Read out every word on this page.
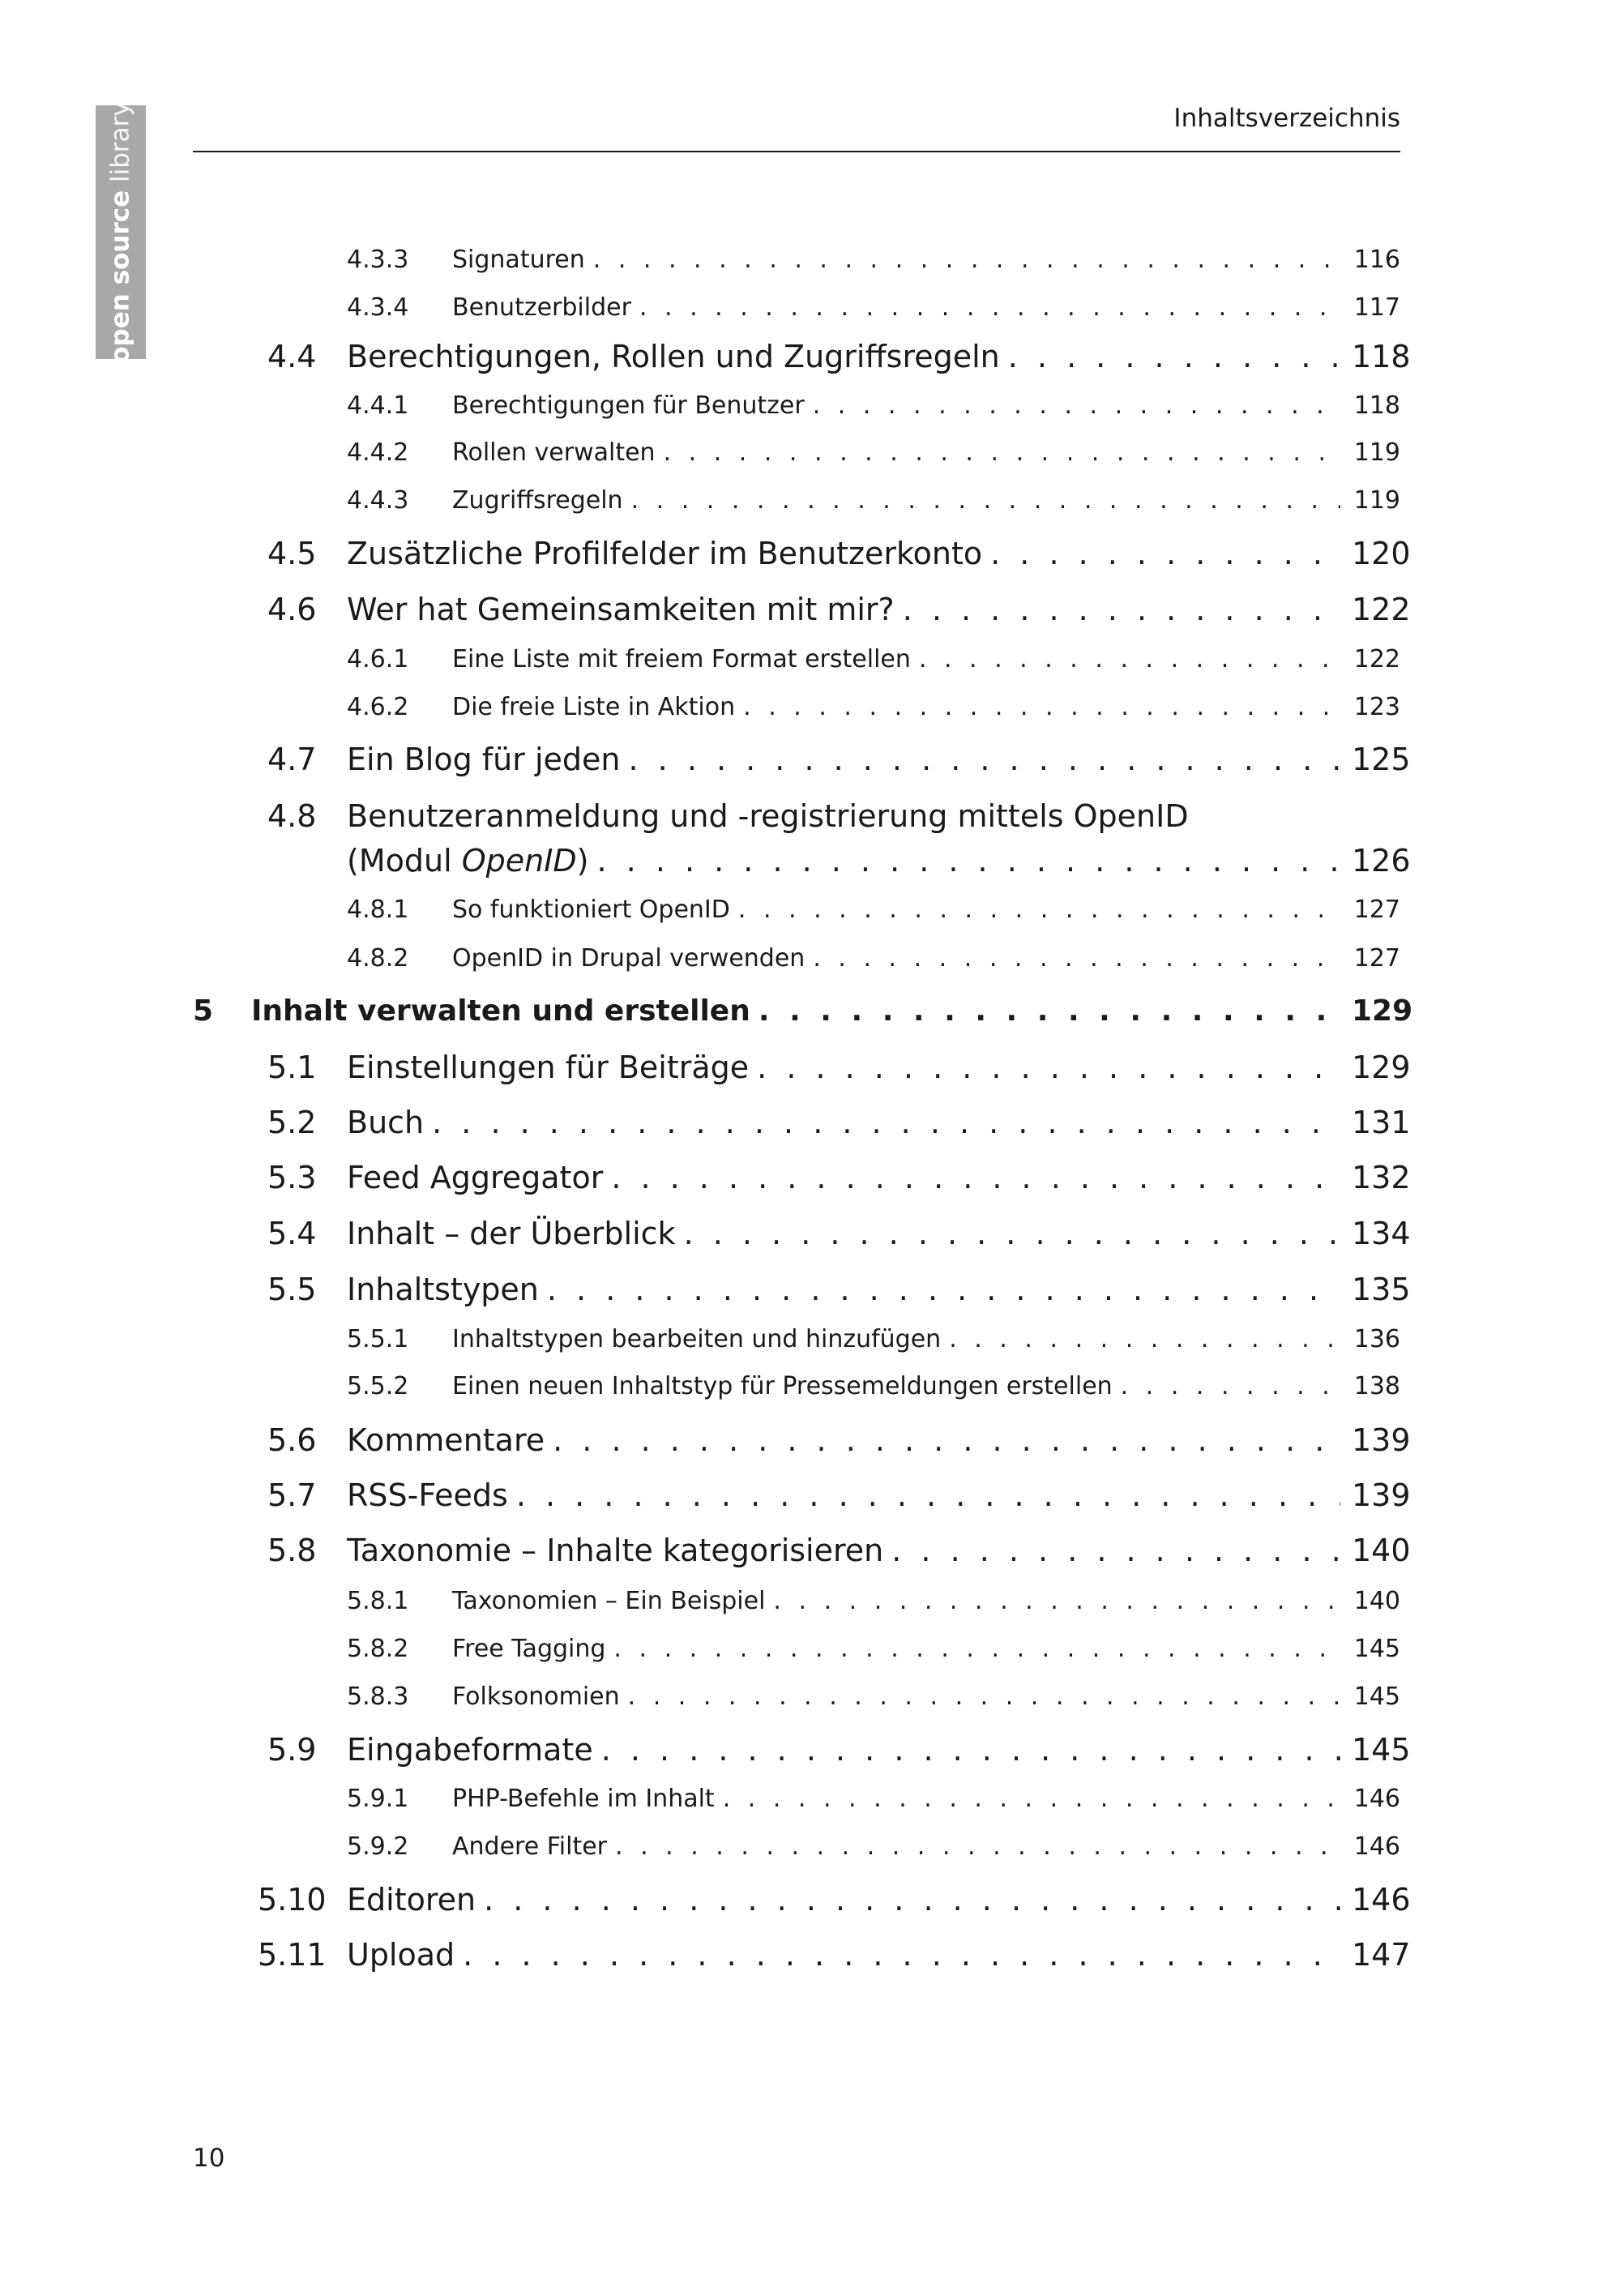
open source library	Inhaltsverzeichnis
4.3.3 Signaturen . . .	116
4.3.4 Benutzerbilder . . .	117
4.4 Berechtigungen, Rollen und Zugriffsregeln . . .	118
4.4.1 Berechtigungen für Benutzer . . .	118
4.4.2 Rollen verwalten . . .	119
4.4.3 Zugriffsregeln . . .	119
4.5 Zusätzliche Profilfelder im Benutzerkonto . . .	120
4.6 Wer hat Gemeinsamkeiten mit mir? . . .	122
4.6.1 Eine Liste mit freiem Format erstellen . . .	122
4.6.2 Die freie Liste in Aktion . . .	123
4.7 Ein Blog für jeden . . .	125
4.8 Benutzeranmeldung und -registrierung mittels OpenID
(Modul OpenID) . . .	126
4.8.1 So funktioniert OpenID . . .	127
4.8.2 OpenID in Drupal verwenden . . .	127
5	Inhalt verwalten und erstellen . . .	129
5.1 Einstellungen für Beiträge . . .	129
5.2 Buch . . .	131
5.3 Feed Aggregator . . .	132
5.4 Inhalt – der Überblick . . .	134
5.5 Inhaltstypen . . .	135
5.5.1 Inhaltstypen bearbeiten und hinzufügen . . .	136
5.5.2 Einen neuen Inhaltstyp für Pressemeldungen erstellen . . .	138
5.6 Kommentare . . .	139
5.7 RSS-Feeds . . .	139
5.8 Taxonomie – Inhalte kategorisieren . . .	140
5.8.1 Taxonomien – Ein Beispiel . . .	140
5.8.2 Free Tagging . . .	145
5.8.3 Folksonomien . . .	145
5.9 Eingabeformate . . .	145
5.9.1 PHP-Befehle im Inhalt . . .	146
5.9.2 Andere Filter . . .	146
5.10 Editoren . . .	146
5.11 Upload . . .	147
10
